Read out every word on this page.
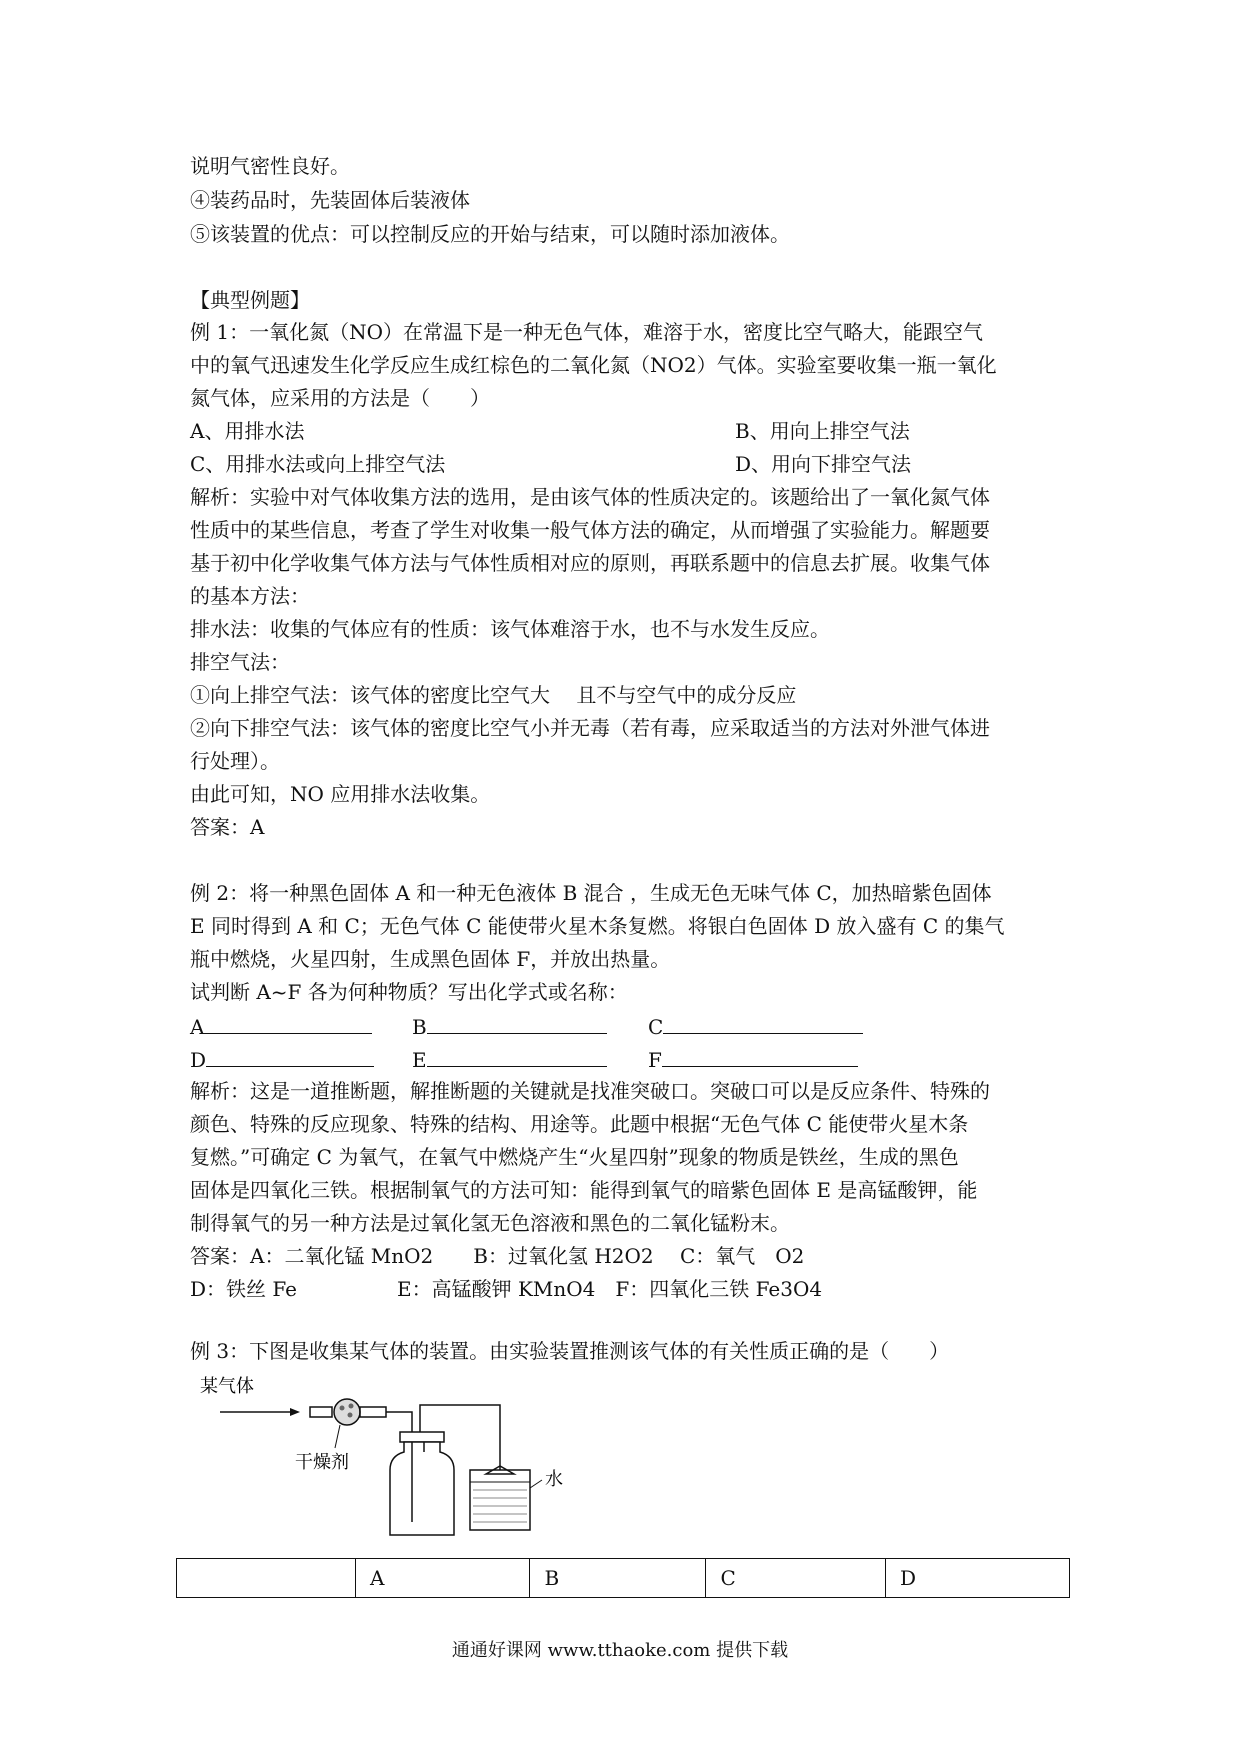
说明气密性良好。
④装药品时，先装固体后装液体
⑤该装置的优点：可以控制反应的开始与结束，可以随时添加液体。
【典型例题】
例 1：一氧化氮（NO）在常温下是一种无色气体，难溶于水，密度比空气略大，能跟空气
中的氧气迅速发生化学反应生成红棕色的二氧化氮（NO2）气体。实验室要收集一瓶一氧化
氮气体，应采用的方法是（　　）
A、用排水法	B、用向上排空气法
C、用排水法或向上排空气法	D、用向下排空气法
解析：实验中对气体收集方法的选用，是由该气体的性质决定的。该题给出了一氧化氮气体
性质中的某些信息，考查了学生对收集一般气体方法的确定，从而增强了实验能力。解题要
基于初中化学收集气体方法与气体性质相对应的原则，再联系题中的信息去扩展。收集气体
的基本方法：
排水法：收集的气体应有的性质：该气体难溶于水，也不与水发生反应。
排空气法：
①向上排空气法：该气体的密度比空气大　 且不与空气中的成分反应
②向下排空气法：该气体的密度比空气小并无毒（若有毒，应采取适当的方法对外泄气体进
行处理）。
由此可知，NO 应用排水法收集。
答案：A
例 2：将一种黑色固体 A 和一种无色液体 B 混合 ，生成无色无味气体 C，加热暗紫色固体
E 同时得到 A 和 C；无色气体 C 能使带火星木条复燃。将银白色固体 D 放入盛有 C 的集气
瓶中燃烧，火星四射，生成黑色固体 F，并放出热量。
试判断 A~F 各为何种物质？写出化学式或名称：
A	B	C
D	E	F
解析：这是一道推断题，解推断题的关键就是找准突破口。突破口可以是反应条件、特殊的
颜色、特殊的反应现象、特殊的结构、用途等。此题中根据“无色气体 C 能使带火星木条
复燃。”可确定 C 为氧气，在氧气中燃烧产生“火星四射”现象的物质是铁丝，生成的黑色
固体是四氧化三铁。根据制氧气的方法可知：能得到氧气的暗紫色固体 E 是高锰酸钾，能
制得氧气的另一种方法是过氧化氢无色溶液和黑色的二氧化锰粉末。
答案：A：二氧化锰 MnO2　　B：过氧化氢 H2O2　 C：氧气　O2
D：铁丝 Fe　　　　　E：高锰酸钾 KMnO4　F：四氧化三铁 Fe3O4
例 3：下图是收集某气体的装置。由实验装置推测该气体的有关性质正确的是（　　）
某气体
干燥剂
水
	A	B	C	D
通通好课网 www.tthaoke.com 提供下载
